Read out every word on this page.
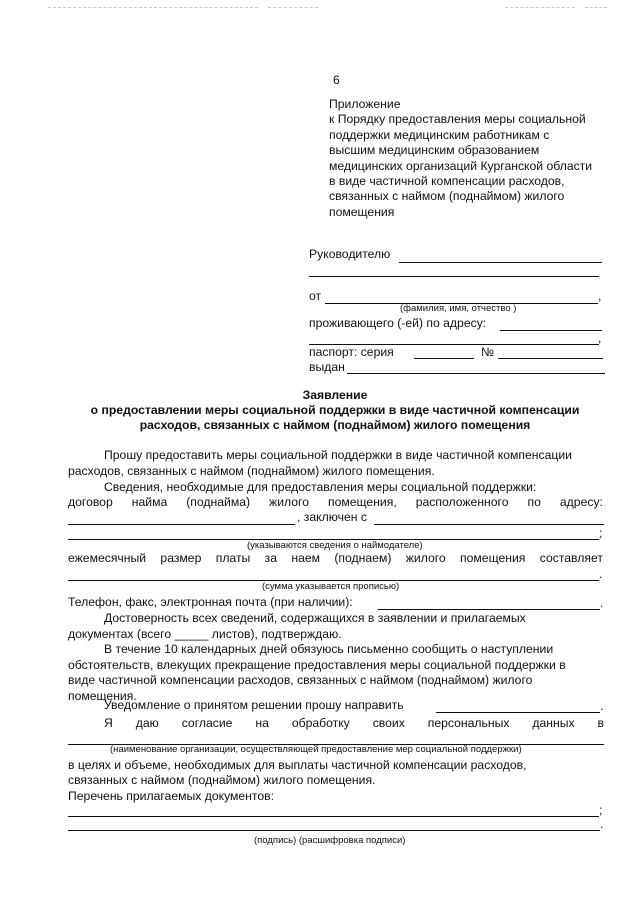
6
Приложение
к Порядку предоставления меры социальной
поддержки медицинским работникам с
высшим медицинским образованием
медицинских организаций Курганской области
в виде частичной компенсации расходов,
связанных с наймом (поднаймом) жилого
помещения
Руководителю
от	,
(фамилия, имя, отчество )
проживающего (-ей) по адресу:
,
паспорт: серия	№
выдан
Заявление
о предоставлении меры социальной поддержки в виде частичной компенсации
расходов, связанных с наймом (поднаймом) жилого помещения
Прошу предоставить меры социальной поддержки в виде частичной компенсации
расходов, связанных с наймом (поднаймом) жилого помещения.
Сведения, необходимые для предоставления меры социальной поддержки:
договор найма (поднайма) жилого помещения, расположенного по адресу:
, заключен с
;
(указываются сведения о наймодателе)
ежемесячный размер платы за наем (поднаем) жилого помещения составляет
.
(сумма указывается прописью)
Телефон, факс, электронная почта (при наличии):	.
Достоверность всех сведений, содержащихся в заявлении и прилагаемых
документах (всего _____ листов), подтверждаю.
В течение 10 календарных дней обязуюсь письменно сообщить о наступлении
обстоятельств, влекущих прекращение предоставления меры социальной поддержки в
виде частичной компенсации расходов, связанных с наймом (поднаймом) жилого
помещения.
Уведомление о принятом решении прошу направить	.
Я даю согласие на обработку своих персональных данных в
(наименование организации, осуществляющей предоставление мер социальной поддержки)
в целях и объеме, необходимых для выплаты частичной компенсации расходов,
связанных с наймом (поднаймом) жилого помещения.
Перечень прилагаемых документов:
;
.
(подпись) (расшифровка подписи)
